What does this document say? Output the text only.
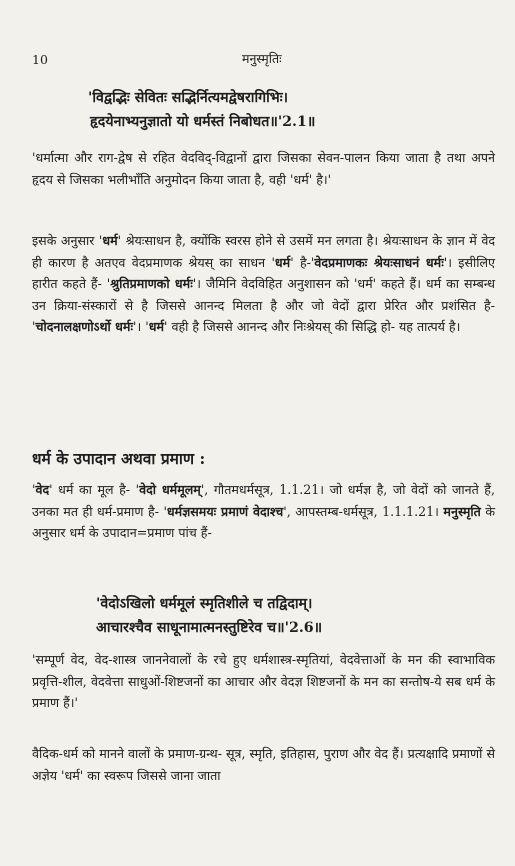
10	मनुस्मृतिः
'विद्वद्भिः सेवितः सद्भिर्नित्यमद्वेषरागिभिः।
हृदयेनाभ्यनुज्ञातो यो धर्मस्तं निबोधत॥'2.1॥
'धर्मात्मा और राग-द्वेष से रहित वेदविद्-विद्वानों द्वारा जिसका सेवन-पालन किया जाता है तथा अपने हृदय से जिसका भलीभाँति अनुमोदन किया जाता है, वही 'धर्म' है।'
इसके अनुसार 'धर्म' श्रेयःसाधन है, क्योंकि स्वरस होने से उसमें मन लगता है। श्रेयःसाधन के ज्ञान में वेद ही कारण है अतएव वेदप्रमाणक श्रेयस् का साधन 'धर्म' है-'वेदप्रमाणकः श्रेयःसाधनं धर्मः'। इसीलिए हारीत कहते हैं- 'श्रुतिप्रमाणको धर्मः'। जैमिनि वेदविहित अनुशासन को 'धर्म' कहते हैं। धर्म का सम्बन्ध उन क्रिया-संस्कारों से है जिससे आनन्द मिलता है और जो वेदों द्वारा प्रेरित और प्रशंसित है- 'चोदनालक्षणोऽर्थो धर्मः'। 'धर्म' वही है जिससे आनन्द और निःश्रेयस् की सिद्धि हो- यह तात्पर्य है।
धर्म के उपादान अथवा प्रमाण :
'वेद' धर्म का मूल है- 'वेदो धर्ममूलम्', गौतमधर्मसूत्र, 1.1.21। जो धर्मज्ञ है, जो वेदों को जानते हैं, उनका मत ही धर्म-प्रमाण है- 'धर्मज्ञसमयः प्रमाणं वेदाश्च', आपस्तम्ब-धर्मसूत्र, 1.1.1.21। मनुस्मृति के अनुसार धर्म के उपादान=प्रमाण पांच हैं-
'वेदोऽखिलो धर्ममूलं स्मृतिशीले च तद्विदाम्।
आचारश्चैव साधूनामात्मनस्तुष्टिरेव च॥'2.6॥
'सम्पूर्ण वेद, वेद-शास्त्र जाननेवालों के रचे हुए धर्मशास्त्र-स्मृतियां, वेदवेत्ताओं के मन की स्वाभाविक प्रवृत्ति-शील, वेदवेत्ता साधुओं-शिष्टजनों का आचार और वेदज्ञ शिष्टजनों के मन का सन्तोष-ये सब धर्म के प्रमाण हैं।'
वैदिक-धर्म को मानने वालों के प्रमाण-ग्रन्थ- सूत्र, स्मृति, इतिहास, पुराण और वेद हैं। प्रत्यक्षादि प्रमाणों से अज्ञेय 'धर्म' का स्वरूप जिससे जाना जाता
